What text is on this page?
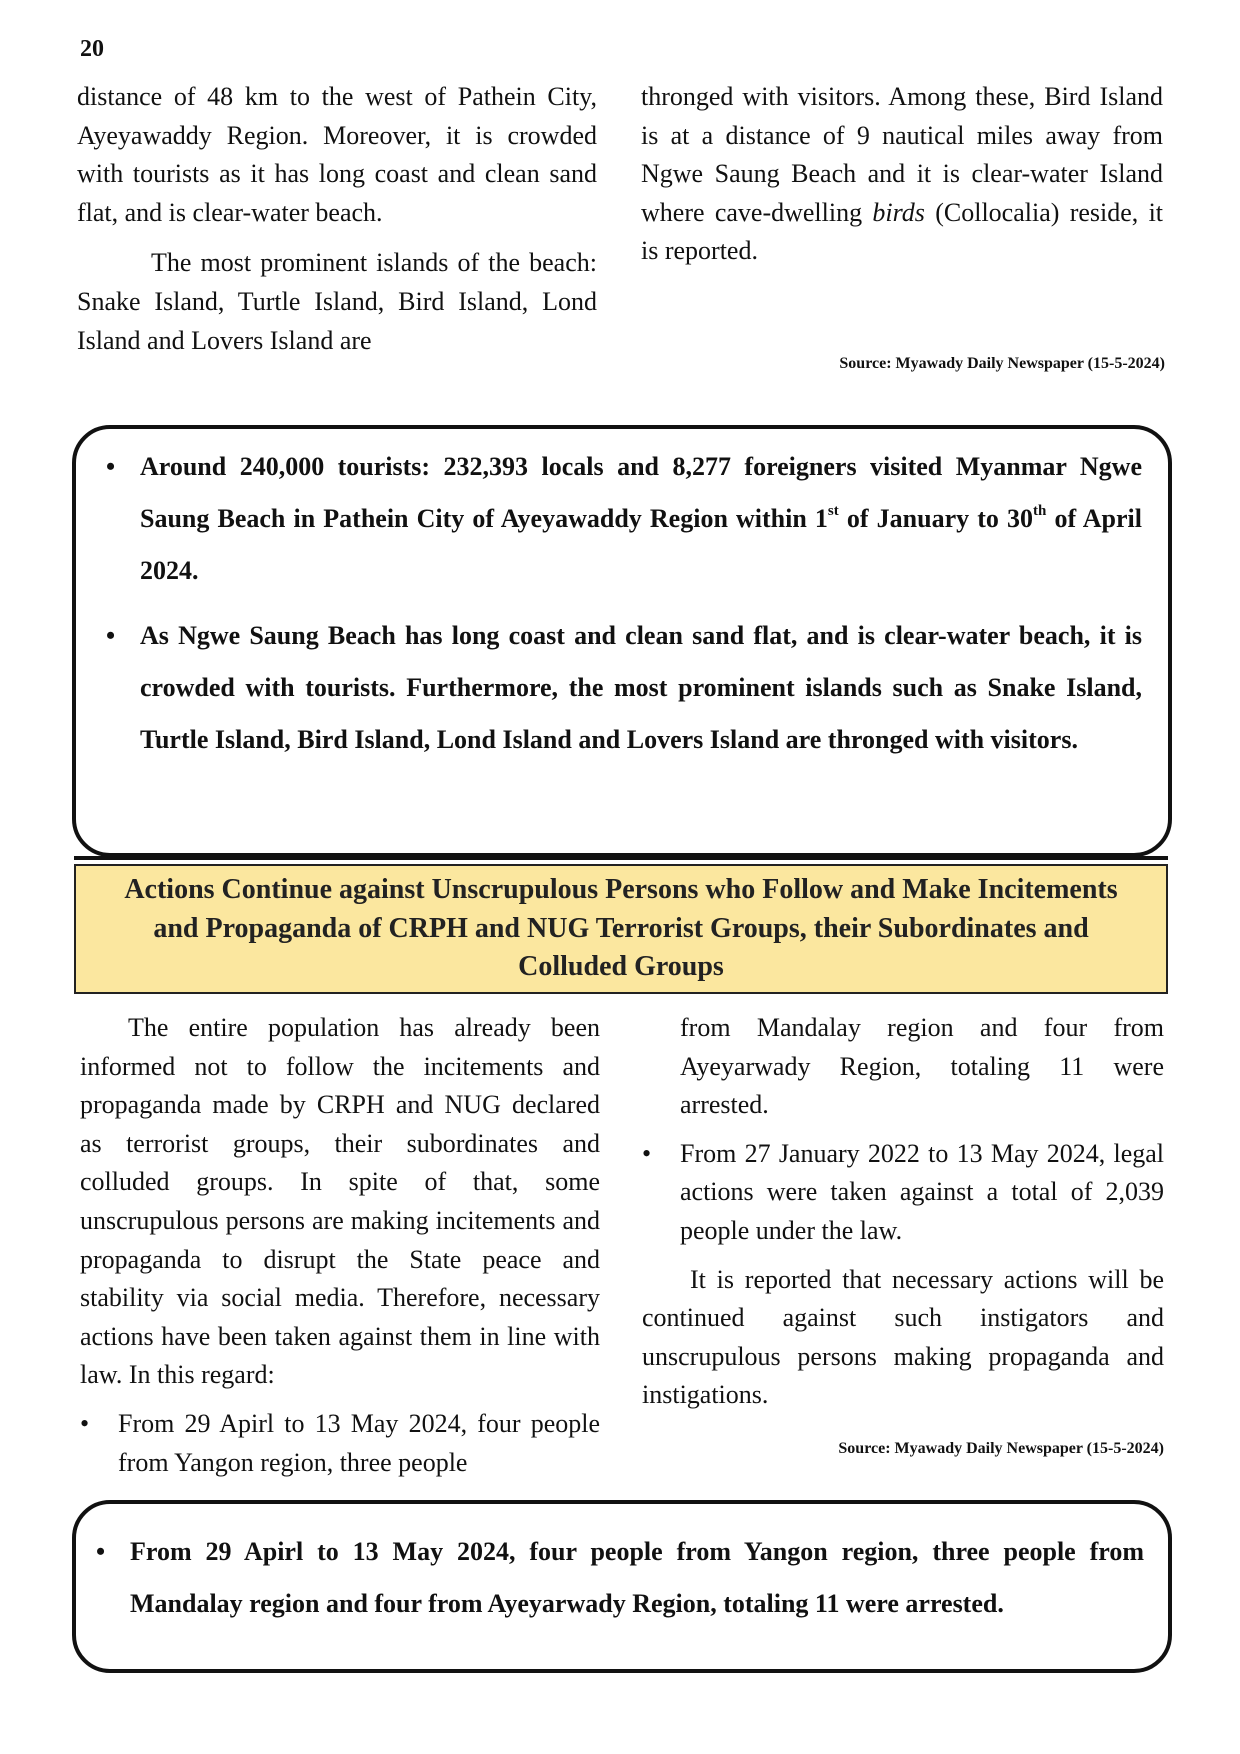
20

distance of 48 km to the west of Pathein City, Ayeyawaddy Region. Moreover, it is crowded with tourists as it has long coast and clean sand flat, and is clear-water beach.

The most prominent islands of the beach: Snake Island, Turtle Island, Bird Island, Lond Island and Lovers Island are

thronged with visitors. Among these, Bird Island is at a distance of 9 nautical miles away from Ngwe Saung Beach and it is clear-water Island where cave-dwelling birds (Collocalia) reside, it is reported.

Source: Myawady Daily Newspaper (15-5-2024)
• Around 240,000 tourists: 232,393 locals and 8,277 foreigners visited Myanmar Ngwe Saung Beach in Pathein City of Ayeyawaddy Region within 1st of January to 30th of April 2024.
• As Ngwe Saung Beach has long coast and clean sand flat, and is clear-water beach, it is crowded with tourists. Furthermore, the most prominent islands such as Snake Island, Turtle Island, Bird Island, Lond Island and Lovers Island are thronged with visitors.
Actions Continue against Unscrupulous Persons who Follow and Make Incitements and Propaganda of CRPH and NUG Terrorist Groups, their Subordinates and Colluded Groups

The entire population has already been informed not to follow the incitements and propaganda made by CRPH and NUG declared as terrorist groups, their subordinates and colluded groups. In spite of that, some unscrupulous persons are making incitements and propaganda to disrupt the State peace and stability via social media. Therefore, necessary actions have been taken against them in line with law. In this regard:

• From 29 Apirl to 13 May 2024, four people from Yangon region, three people
from Mandalay region and four from Ayeyarwady Region, totaling 11 were arrested.
• From 27 January 2022 to 13 May 2024, legal actions were taken against a total of 2,039 people under the law.

It is reported that necessary actions will be continued against such instigators and unscrupulous persons making propaganda and instigations.

Source: Myawady Daily Newspaper (15-5-2024)
• From 29 Apirl to 13 May 2024, four people from Yangon region, three people from Mandalay region and four from Ayeyarwady Region, totaling 11 were arrested.
